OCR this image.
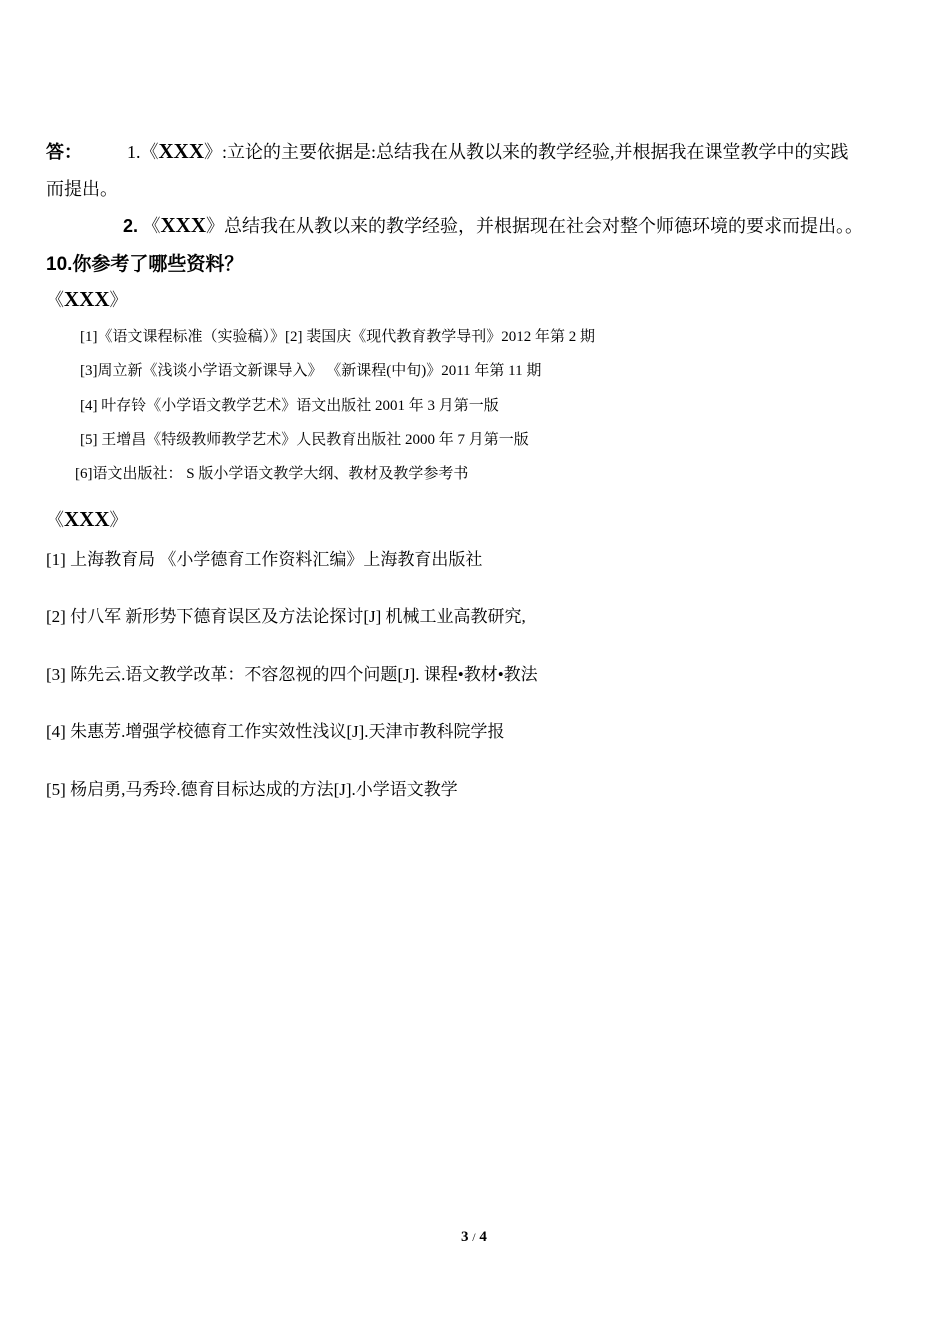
答：	1.《XXX》:立论的主要依据是:总结我在从教以来的教学经验,并根据我在课堂教学中的实践
而提出。
2. 《XXX》总结我在从教以来的教学经验，并根据现在社会对整个师德环境的要求而提出。。
10.你参考了哪些资料？
《XXX》
[1]《语文课程标准（实验稿）》[2] 裴国庆《现代教育教学导刊》2012 年第 2 期
[3]周立新《浅谈小学语文新课导入》 《新课程(中旬)》2011 年第 11 期
[4] 叶存铃《小学语文教学艺术》语文出版社 2001 年 3 月第一版
[5] 王增昌《特级教师教学艺术》人民教育出版社 2000 年 7 月第一版
[6]语文出版社： S 版小学语文教学大纲、教材及教学参考书
《XXX》
[1] 上海教育局 《小学德育工作资料汇编》上海教育出版社
[2] 付八军 新形势下德育误区及方法论探讨[J] 机械工业高教研究,
[3] 陈先云.语文教学改革：不容忽视的四个问题[J]. 课程•教材•教法
[4] 朱惠芳.增强学校德育工作实效性浅议[J].天津市教科院学报
[5] 杨启勇,马秀玲.德育目标达成的方法[J].小学语文教学
3 / 4
